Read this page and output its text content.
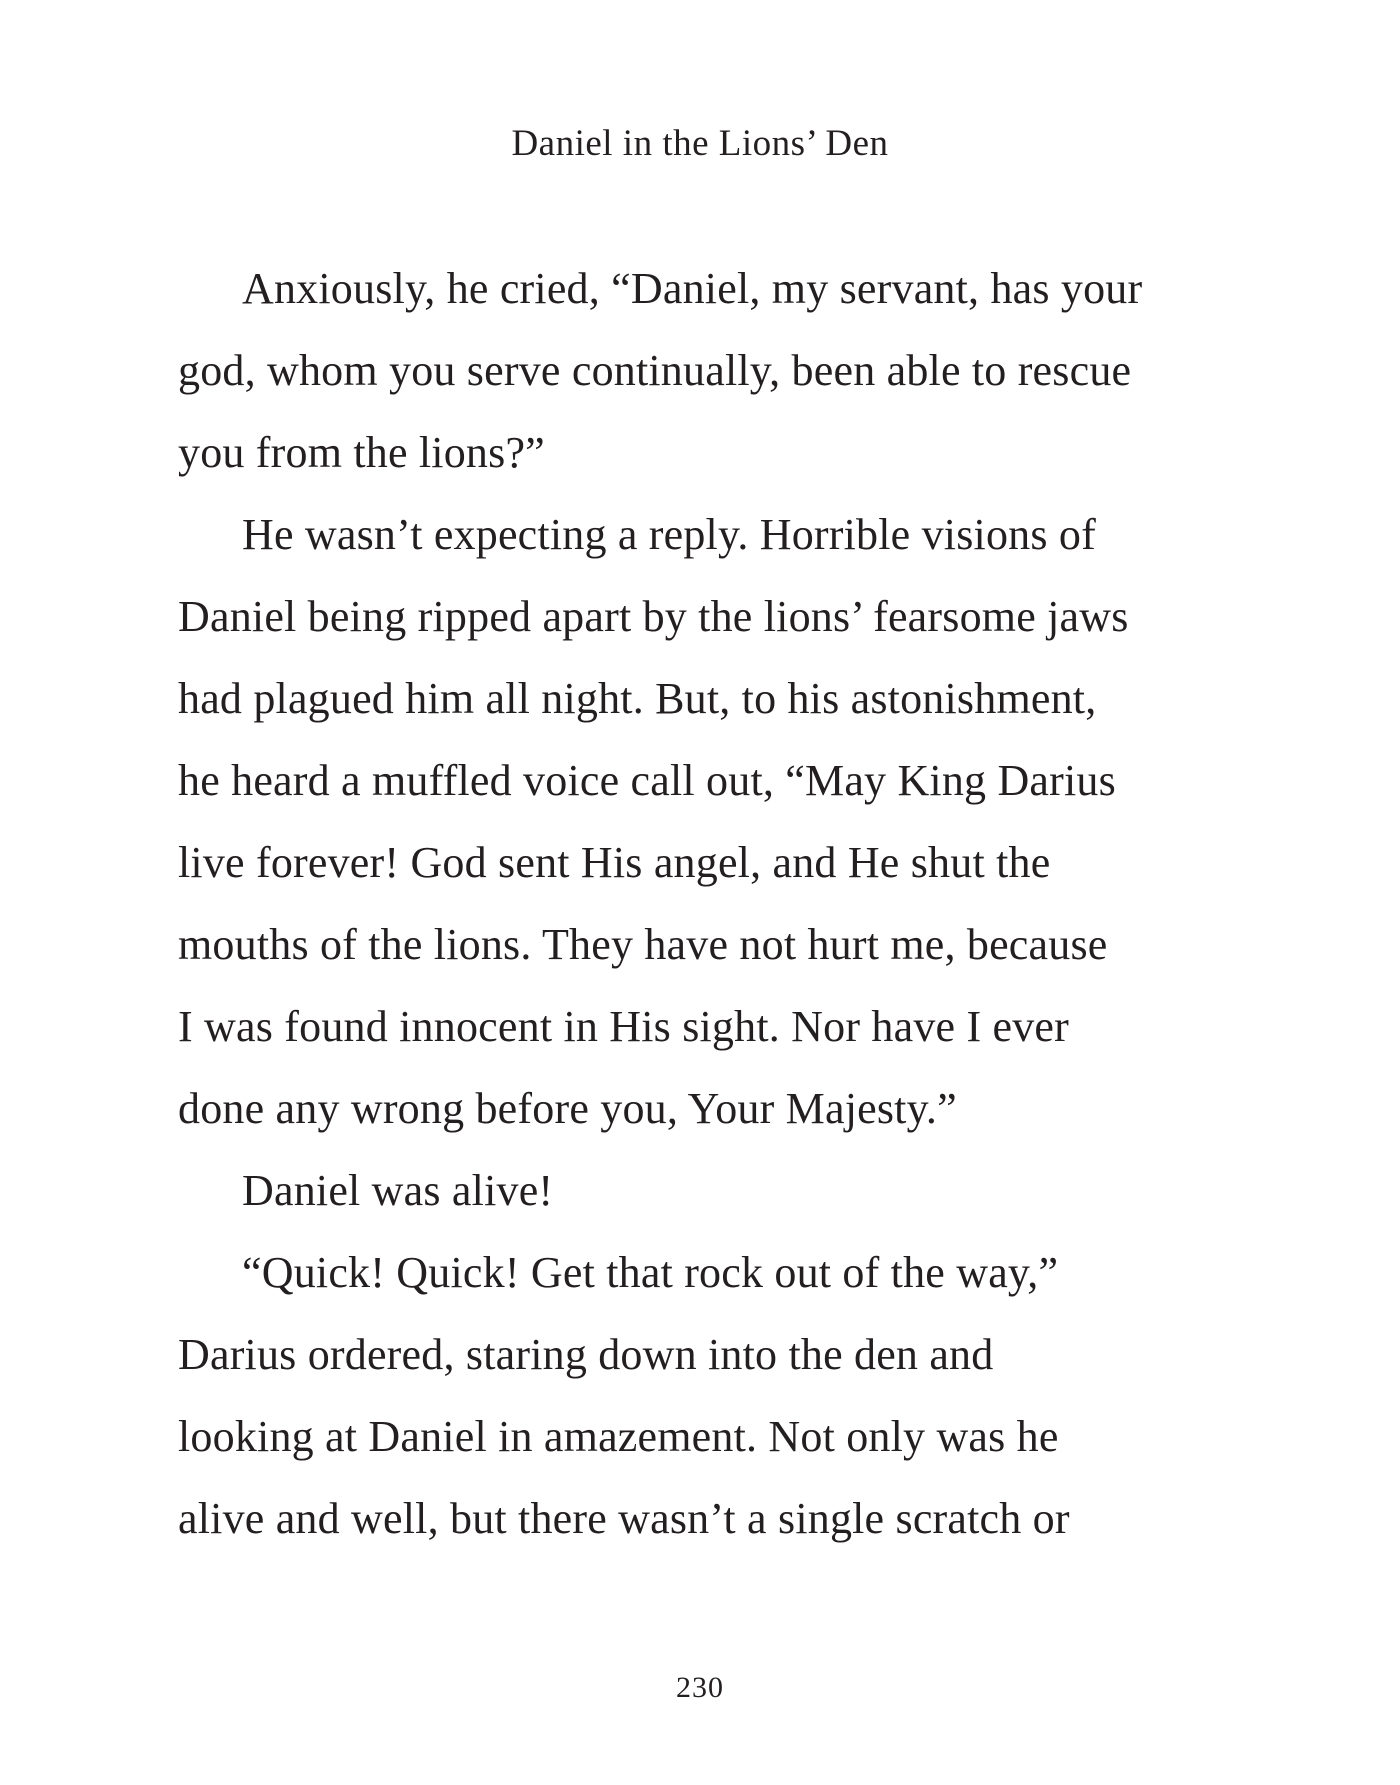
Daniel in the Lions’ Den
Anxiously, he cried, “Daniel, my servant, has your
god, whom you serve continually, been able to rescue
you from the lions?”
He wasn’t expecting a reply. Horrible visions of
Daniel being ripped apart by the lions’ fearsome jaws
had plagued him all night. But, to his astonishment,
he heard a muffled voice call out, “May King Darius
live forever! God sent His angel, and He shut the
mouths of the lions. They have not hurt me, because
I was found innocent in His sight. Nor have I ever
done any wrong before you, Your Majesty.”
Daniel was alive!
“Quick! Quick! Get that rock out of the way,”
Darius ordered, staring down into the den and
looking at Daniel in amazement. Not only was he
alive and well, but there wasn’t a single scratch or
230
